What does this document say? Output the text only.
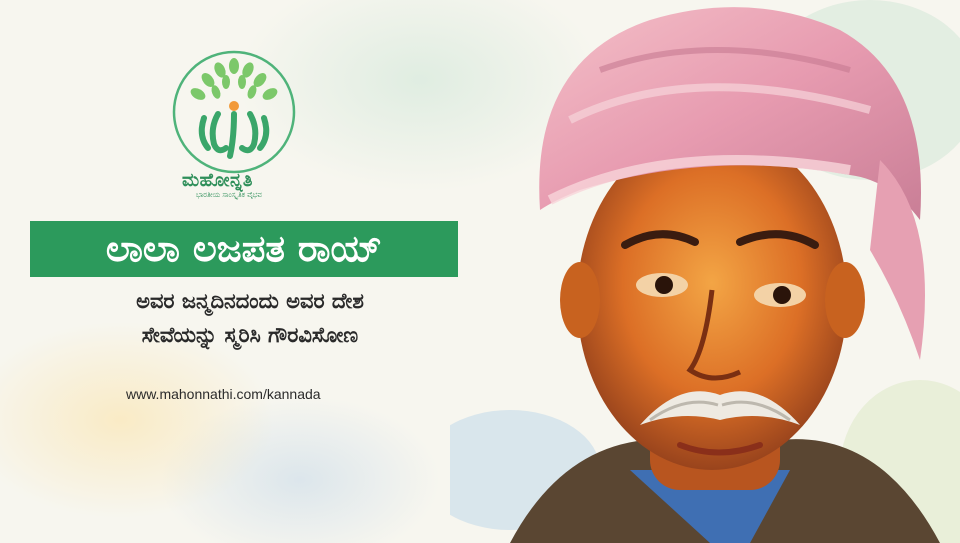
ಮಹೋನ್ನತಿ
ಭಾರತೀಯ ಸಾಂಸ್ಕೃತಿಕ ವೈಭವ
ಲಾಲಾ ಲಜಪತ ರಾಯ್
ಅವರ ಜನ್ಮದಿನದಂದು ಅವರ ದೇಶ
ಸೇವೆಯನ್ನು ಸ್ಮರಿಸಿ ಗೌರವಿಸೋಣ
www.mahonnathi.com/kannada
